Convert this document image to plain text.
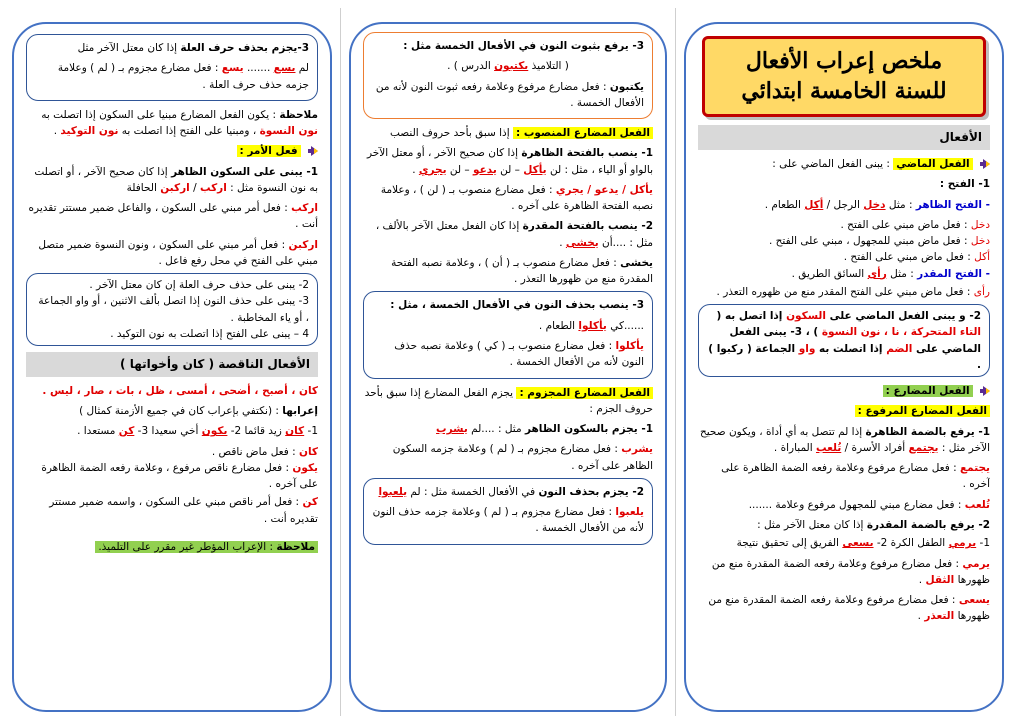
ملخص إعراب الأفعال
للسنة الخامسة ابتدائي
الأفعال

الفعل الماضي : يبنى الفعل الماضي على :

1- الفتح :

- الفتح الظاهر : مثل دخل الرجل / أكل الطعام .

دخل : فعل ماض مبني على الفتح .

دخل : فعل ماض مبني للمجهول ، مبني على الفتح .

أكل : فعل ماض مبني على الفتح .

- الفتح المقدر : مثل رأى السائق الطريق .

رأى : فعل ماض مبني على الفتح المقدر منع من ظهوره التعذر .

2- و يبنى الفعل الماضي على السكون إذا اتصل به ( التاء المتحركة ، نا ، نون النسوة ) ، 3- يبنى الفعل الماضي على الضم إذا اتصلت به واو الجماعة ( ركبوا ) .

الفعل المضارع :

الفعل المضارع المرفوع :

1- يرفع بالضمة الظاهرة إذا لم تتصل به أي أداة ، ويكون صحيح الآخر مثل : يجتمع أفراد الأسرة / تُلعب المباراة .

يجتمع : فعل مضارع مرفوع وعلامة رفعه الضمة الظاهرة على آخره .

تُلعب : فعل مضارع مبني للمجهول مرفوع وعلامة .......

2- يرفع بالضمة المقدرة إذا كان معتل الآخر مثل :

1- يرمي الطفل الكرة 2- يسعى الفريق إلى تحقيق نتيجة

يرمي : فعل مضارع مرفوع وعلامة رفعه الضمة المقدرة منع من ظهورها الثقل .

يسعى : فعل مضارع مرفوع وعلامة رفعه الضمة المقدرة منع من ظهورها التعذر .

3- يرفع بثبوت النون في الأفعال الخمسة مثل :

( التلاميذ يكتبون الدرس ) .

يكتبون : فعل مضارع مرفوع وعلامة رفعه ثبوت النون لأنه من الأفعال الخمسة .

الفعل المضارع المنصوب : إذا سبق بأحد حروف النصب

1- ينصب بالفتحة الظاهرة إذا كان صحيح الآخر ، أو معتل الآخر بالواو أو الياء ، مثل : لن يأكل – لن يدعو – لن يجري .

يأكل / يدعو / يجري : فعل مضارع منصوب بـ ( لن ) ، وعلامة نصبه الفتحة الظاهرة على آخره .

2- ينصب بالفتحة المقدرة إذا كان الفعل معتل الآخر بالألف ، مثل : ....أن يخشى .

يخشى : فعل مضارع منصوب بـ ( أن ) ، وعلامة نصبه الفتحة المقدرة منع من ظهورها التعذر .

3- ينصب بحذف النون في الأفعال الخمسة ، مثل :

......كي يأكلوا الطعام .

يأكلوا : فعل مضارع منصوب بـ ( كي ) وعلامة نصبه حذف النون لأنه من الأفعال الخمسة .

الفعل المضارع المجزوم : يجزم الفعل المضارع إذا سبق بأحد حروف الجزم :

1- يجزم بالسكون الظاهر مثل : ....لم يشرب

يشرب : فعل مضارع مجزوم بـ ( لم ) وعلامة جزمه السكون الظاهر على آخره .

2- يجزم بحذف النون في الأفعال الخمسة مثل : لم يلعبوا

يلعبوا : فعل مضارع مجزوم بـ ( لم ) وعلامة جزمه حذف النون لأنه من الأفعال الخمسة .

3-يجزم بحذف حرف العلة إذا كان معتل الآخر مثل

لم يسع ....... يسع : فعل مضارع مجزوم بـ ( لم ) وعلامة جزمه حذف حرف العلة .

ملاحظة : يكون الفعل المضارع مبنيا على السكون إذا اتصلت به نون النسوة ، ومبنيا على الفتح إذا اتصلت به نون التوكيد .

فعل الأمر :

1- يبنى على السكون الظاهر إذا كان صحيح الآخر ، أو اتصلت به نون النسوة مثل : اركب / اركبن الحافلة

اركب : فعل أمر مبني على السكون ، والفاعل ضمير مستتر تقديره أنت .

اركبن : فعل أمر مبني على السكون ، ونون النسوة ضمير متصل مبني على الفتح في محل رفع فاعل .

2- يبنى على حذف حرف العلة إن كان معتل الآخر .

3- يبنى على حذف النون إذا اتصل بألف الاثنين ، أو واو الجماعة ، أو ياء المخاطبة .

4 – يبنى على الفتح إذا اتصلت به نون التوكيد .

الأفعال الناقصة ( كان وأخواتها )

كان ، أصبح ، أضحى ، أمسى ، ظل ، بات ، صار ، ليس .

إعرابها : (نكتفي بإعراب كان في جميع الأزمنة كمثال )

1- كان زيد قائما 2- يكون أخي سعيدا 3- كن مستعدا .

كان : فعل ماض ناقص .

يكون : فعل مضارع ناقص مرفوع ، وعلامة رفعه الضمة الظاهرة على آخره .

كن : فعل أمر ناقص مبني على السكون ، واسمه ضمير مستتر تقديره أنت .

ملاحظة : الإعراب المؤطر غير مقرر على التلميذ.
